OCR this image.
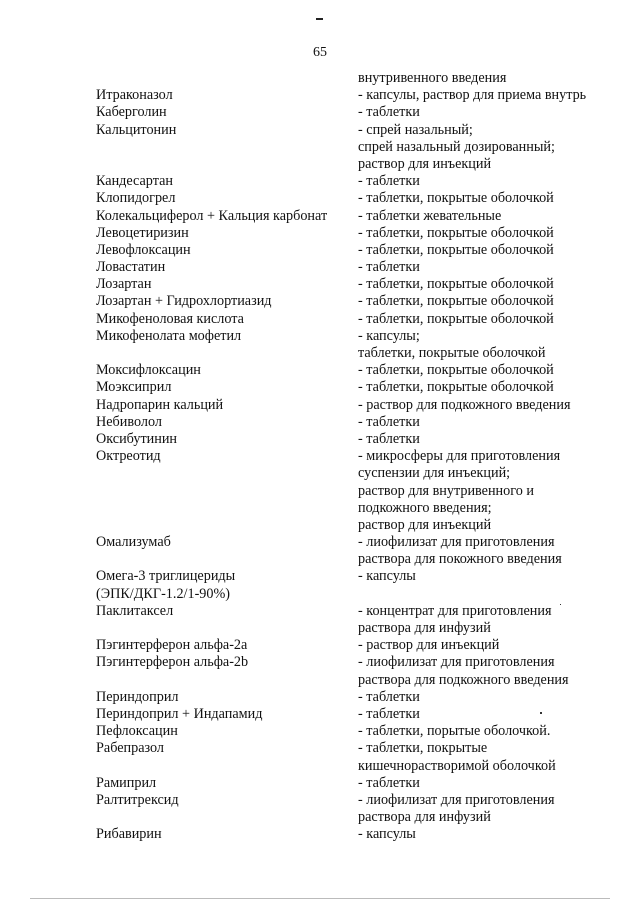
65
внутривенного введения
Итраконазол	- капсулы, раствор для приема внутрь
Каберголин	- таблетки
Кальцитонин	- спрей назальный;
спрей назальный дозированный;
раствор для инъекций
Кандесартан	- таблетки
Клопидогрел	- таблетки, покрытые оболочкой
Колекальциферол + Кальция карбонат - таблетки жевательные
Левоцетиризин	- таблетки, покрытые оболочкой
Левофлоксацин	- таблетки, покрытые оболочкой
Ловастатин	- таблетки
Лозартан	- таблетки, покрытые оболочкой
Лозартан + Гидрохлортиазид	- таблетки, покрытые оболочкой
Микофеноловая кислота	- таблетки, покрытые оболочкой
Микофенолата мофетил	- капсулы;
таблетки, покрытые оболочкой
Моксифлоксацин	- таблетки, покрытые оболочкой
Моэксиприл	- таблетки, покрытые оболочкой
Надропарин кальций	- раствор для подкожного введения
Небиволол	- таблетки
Оксибутинин	- таблетки
Октреотид	- микросферы для приготовления
суспензии для инъекций;
раствор для внутривенного и
подкожного введения;
раствор для инъекций
Омализумаб	- лиофилизат для приготовления
раствора для покожного введения
Омега-3 триглицериды	- капсулы
(ЭПК/ДКГ-1.2/1-90%)
Паклитаксел	- концентрат для приготовления
раствора для инфузий
Пэгинтерферон альфа-2а	- раствор для инъекций
Пэгинтерферон альфа-2b	- лиофилизат для приготовления
раствора для подкожного введения
Периндоприл	- таблетки
Периндоприл + Индапамид	- таблетки
Пефлоксацин	- таблетки, порытые оболочкой.
Рабепразол	- таблетки, покрытые
кишечнорастворимой оболочкой
Рамиприл	- таблетки
Ралтитрексид	- лиофилизат для приготовления
раствора для инфузий
Рибавирин	- капсулы
